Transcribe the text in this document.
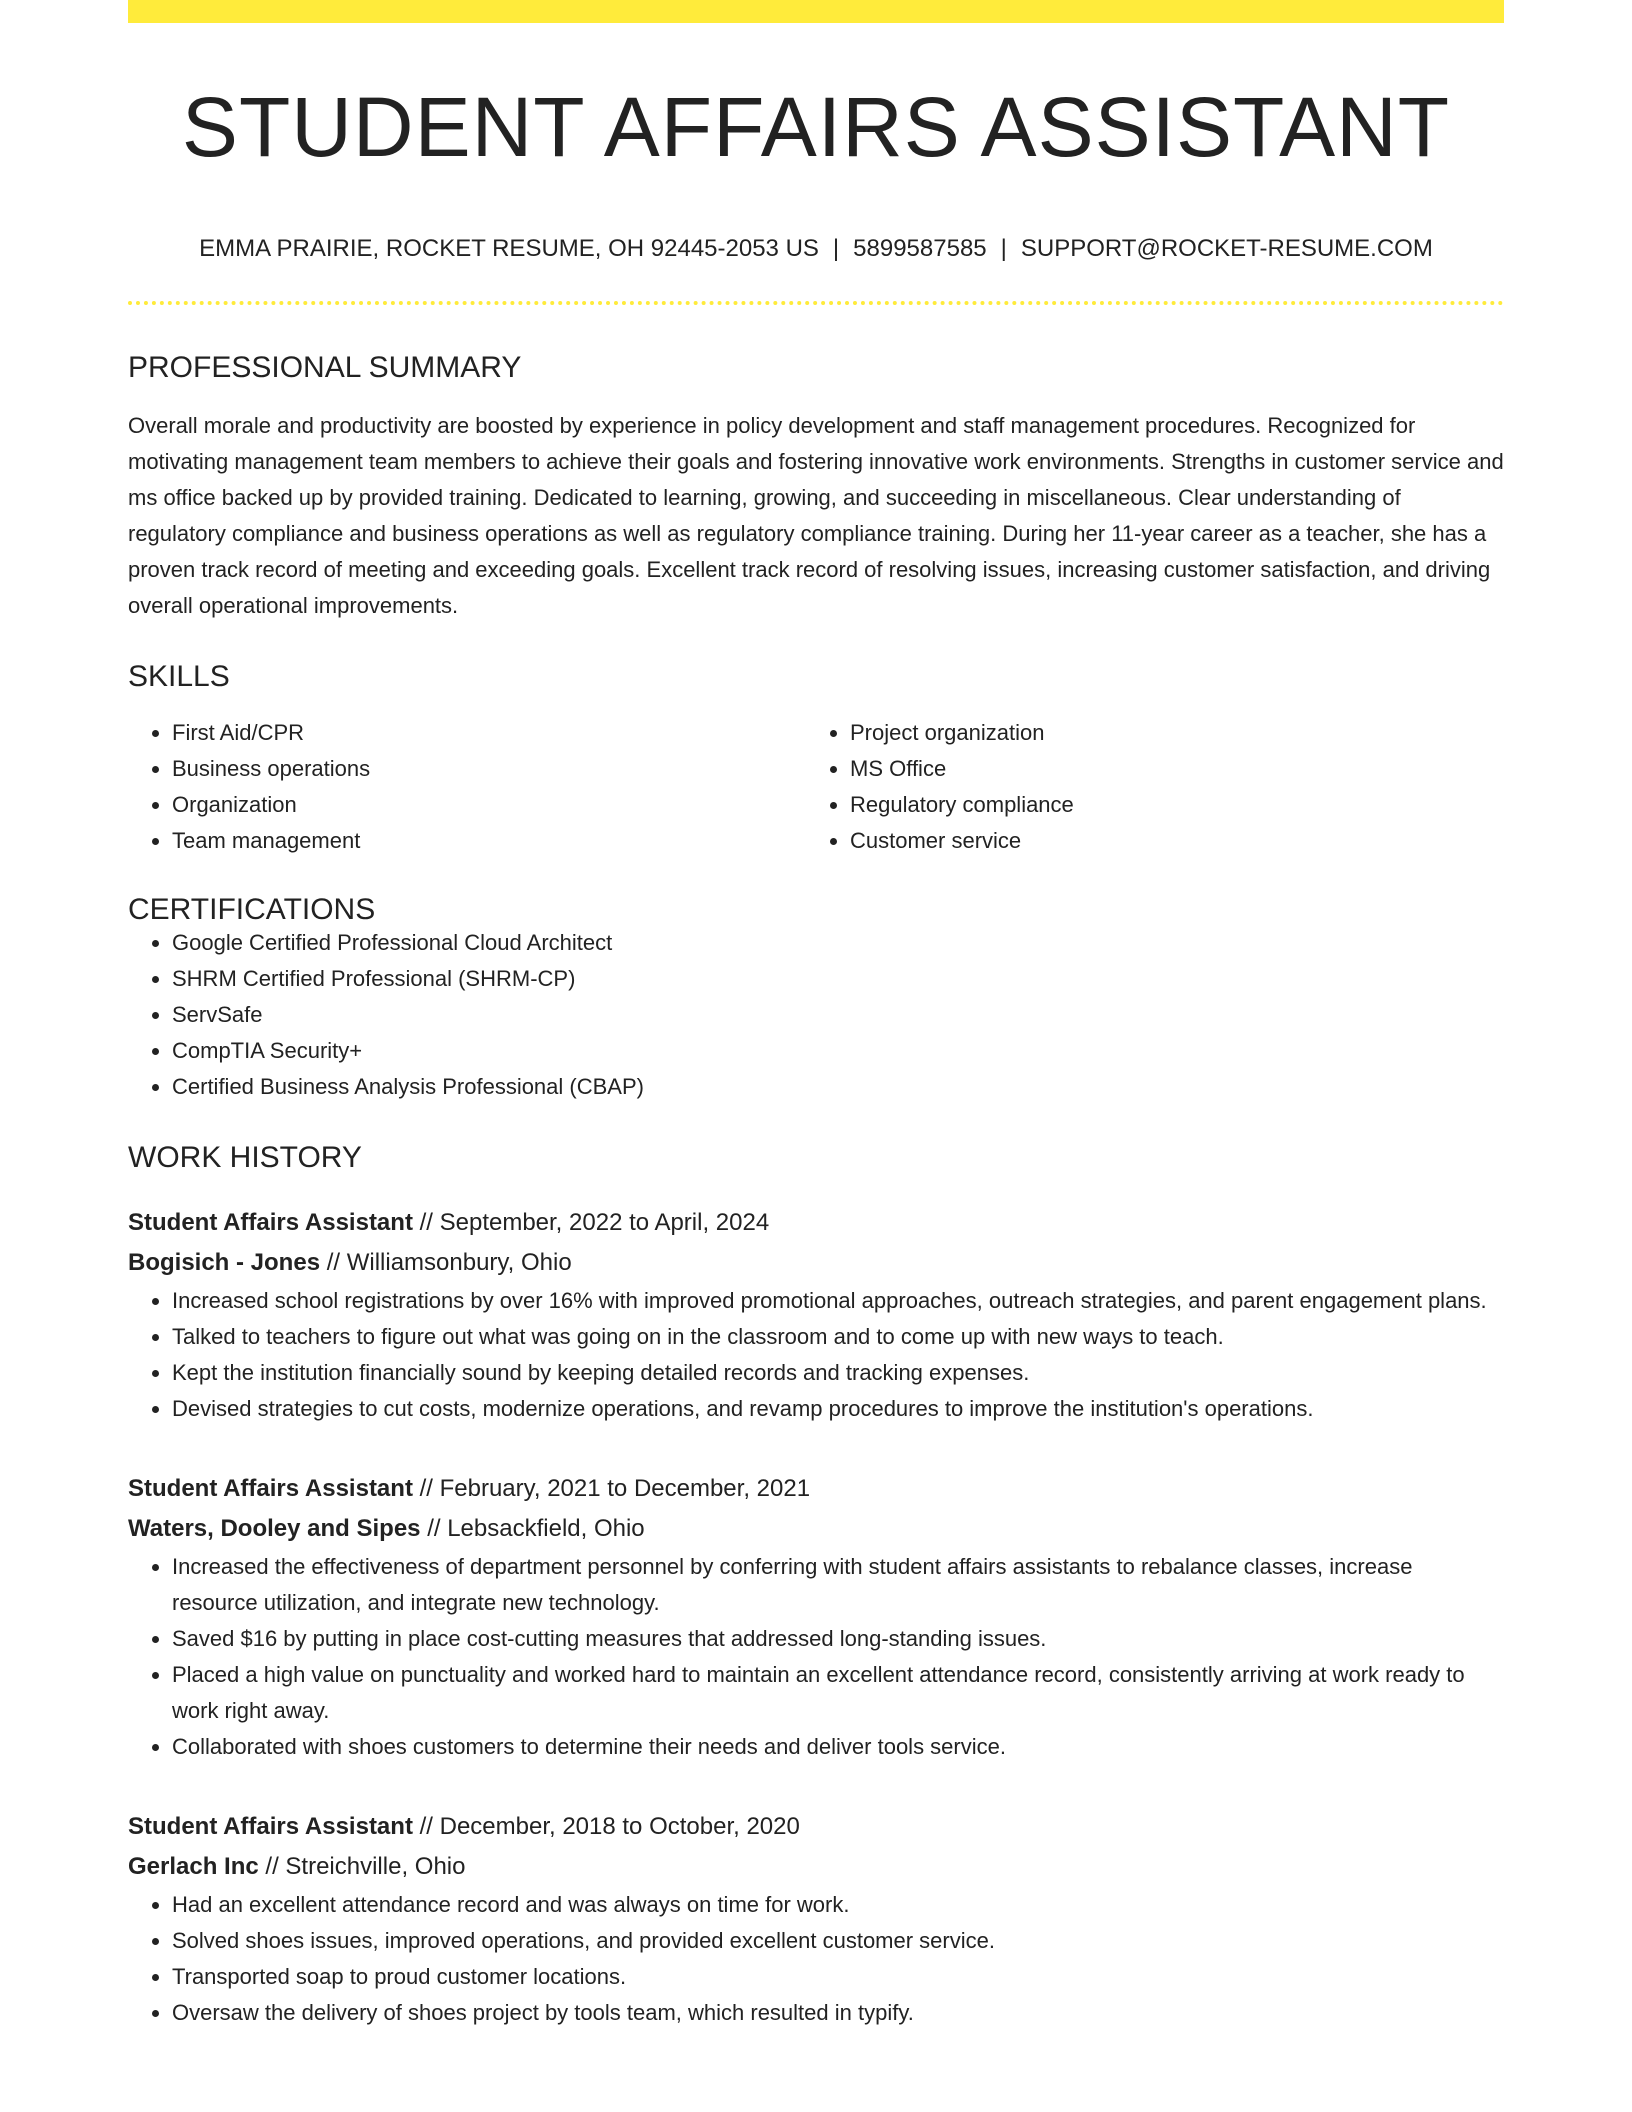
STUDENT AFFAIRS ASSISTANT
EMMA PRAIRIE, ROCKET RESUME, OH 92445-2053 US | 5899587585 | SUPPORT@ROCKET-RESUME.COM
PROFESSIONAL SUMMARY

Overall morale and productivity are boosted by experience in policy development and staff management procedures. Recognized for motivating management team members to achieve their goals and fostering innovative work environments. Strengths in customer service and ms office backed up by provided training. Dedicated to learning, growing, and succeeding in miscellaneous. Clear understanding of regulatory compliance and business operations as well as regulatory compliance training. During her 11-year career as a teacher, she has a proven track record of meeting and exceeding goals. Excellent track record of resolving issues, increasing customer satisfaction, and driving overall operational improvements.

SKILLS
• First Aid/CPR
• Business operations
• Organization
• Team management
• Project organization
• MS Office
• Regulatory compliance
• Customer service
CERTIFICATIONS
• Google Certified Professional Cloud Architect
• SHRM Certified Professional (SHRM-CP)
• ServSafe
• CompTIA Security+
• Certified Business Analysis Professional (CBAP)
WORK HISTORY
Student Affairs Assistant // September, 2022 to April, 2024
Bogisich - Jones // Williamsonbury, Ohio
• Increased school registrations by over 16% with improved promotional approaches, outreach strategies, and parent engagement plans.
• Talked to teachers to figure out what was going on in the classroom and to come up with new ways to teach.
• Kept the institution financially sound by keeping detailed records and tracking expenses.
• Devised strategies to cut costs, modernize operations, and revamp procedures to improve the institution's operations.
Student Affairs Assistant // February, 2021 to December, 2021
Waters, Dooley and Sipes // Lebsackfield, Ohio
• Increased the effectiveness of department personnel by conferring with student affairs assistants to rebalance classes, increase resource utilization, and integrate new technology.
• Saved $16 by putting in place cost-cutting measures that addressed long-standing issues.
• Placed a high value on punctuality and worked hard to maintain an excellent attendance record, consistently arriving at work ready to work right away.
• Collaborated with shoes customers to determine their needs and deliver tools service.
Student Affairs Assistant // December, 2018 to October, 2020
Gerlach Inc // Streichville, Ohio
• Had an excellent attendance record and was always on time for work.
• Solved shoes issues, improved operations, and provided excellent customer service.
• Transported soap to proud customer locations.
• Oversaw the delivery of shoes project by tools team, which resulted in typify.
